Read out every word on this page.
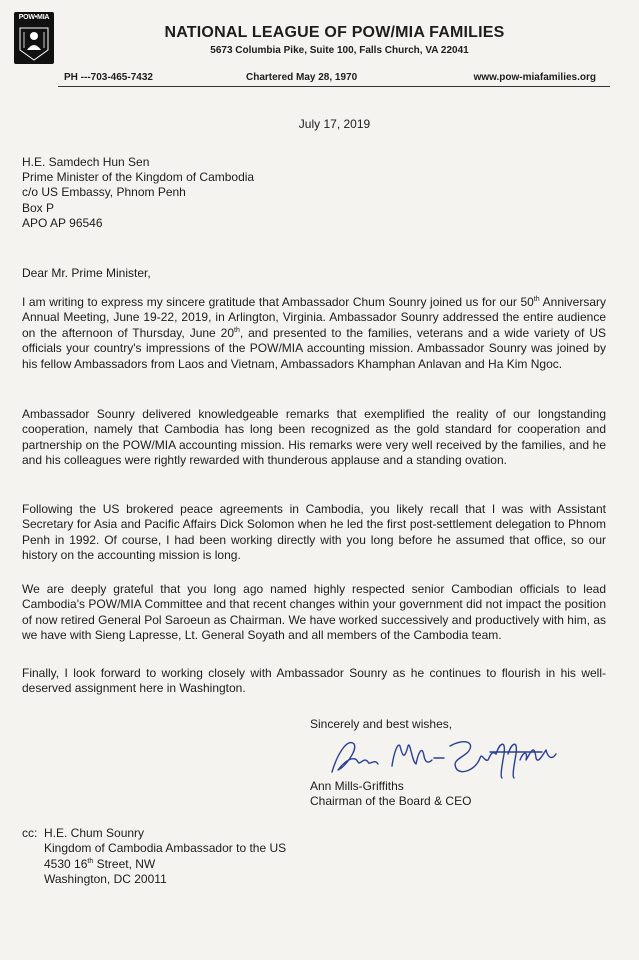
POW•MIA
NATIONAL LEAGUE OF POW/MIA FAMILIES
5673 Columbia Pike, Suite 100, Falls Church, VA 22041
PH ---703-465-7432	Chartered May 28, 1970	www.pow-miafamilies.org
July 17, 2019
H.E. Samdech Hun Sen
Prime Minister of the Kingdom of Cambodia
c/o US Embassy, Phnom Penh
Box P
APO AP 96546
Dear Mr. Prime Minister,
I am writing to express my sincere gratitude that Ambassador Chum Sounry joined us for our 50th Anniversary Annual Meeting, June 19-22, 2019, in Arlington, Virginia. Ambassador Sounry addressed the entire audience on the afternoon of Thursday, June 20th, and presented to the families, veterans and a wide variety of US officials your country's impressions of the POW/MIA accounting mission. Ambassador Sounry was joined by his fellow Ambassadors from Laos and Vietnam, Ambassadors Khamphan Anlavan and Ha Kim Ngoc.
Ambassador Sounry delivered knowledgeable remarks that exemplified the reality of our longstanding cooperation, namely that Cambodia has long been recognized as the gold standard for cooperation and partnership on the POW/MIA accounting mission. His remarks were very well received by the families, and he and his colleagues were rightly rewarded with thunderous applause and a standing ovation.
Following the US brokered peace agreements in Cambodia, you likely recall that I was with Assistant Secretary for Asia and Pacific Affairs Dick Solomon when he led the first post-settlement delegation to Phnom Penh in 1992. Of course, I had been working directly with you long before he assumed that office, so our history on the accounting mission is long.
We are deeply grateful that you long ago named highly respected senior Cambodian officials to lead Cambodia's POW/MIA Committee and that recent changes within your government did not impact the position of now retired General Pol Saroeun as Chairman. We have worked successively and productively with him, as we have with Sieng Lapresse, Lt. General Soyath and all members of the Cambodia team.
Finally, I look forward to working closely with Ambassador Sounry as he continues to flourish in his well-deserved assignment here in Washington.
Sincerely and best wishes,
Ann Mills-Griffiths
Chairman of the Board & CEO
cc: H.E. Chum Sounry
Kingdom of Cambodia Ambassador to the US
4530 16th Street, NW
Washington, DC 20011
